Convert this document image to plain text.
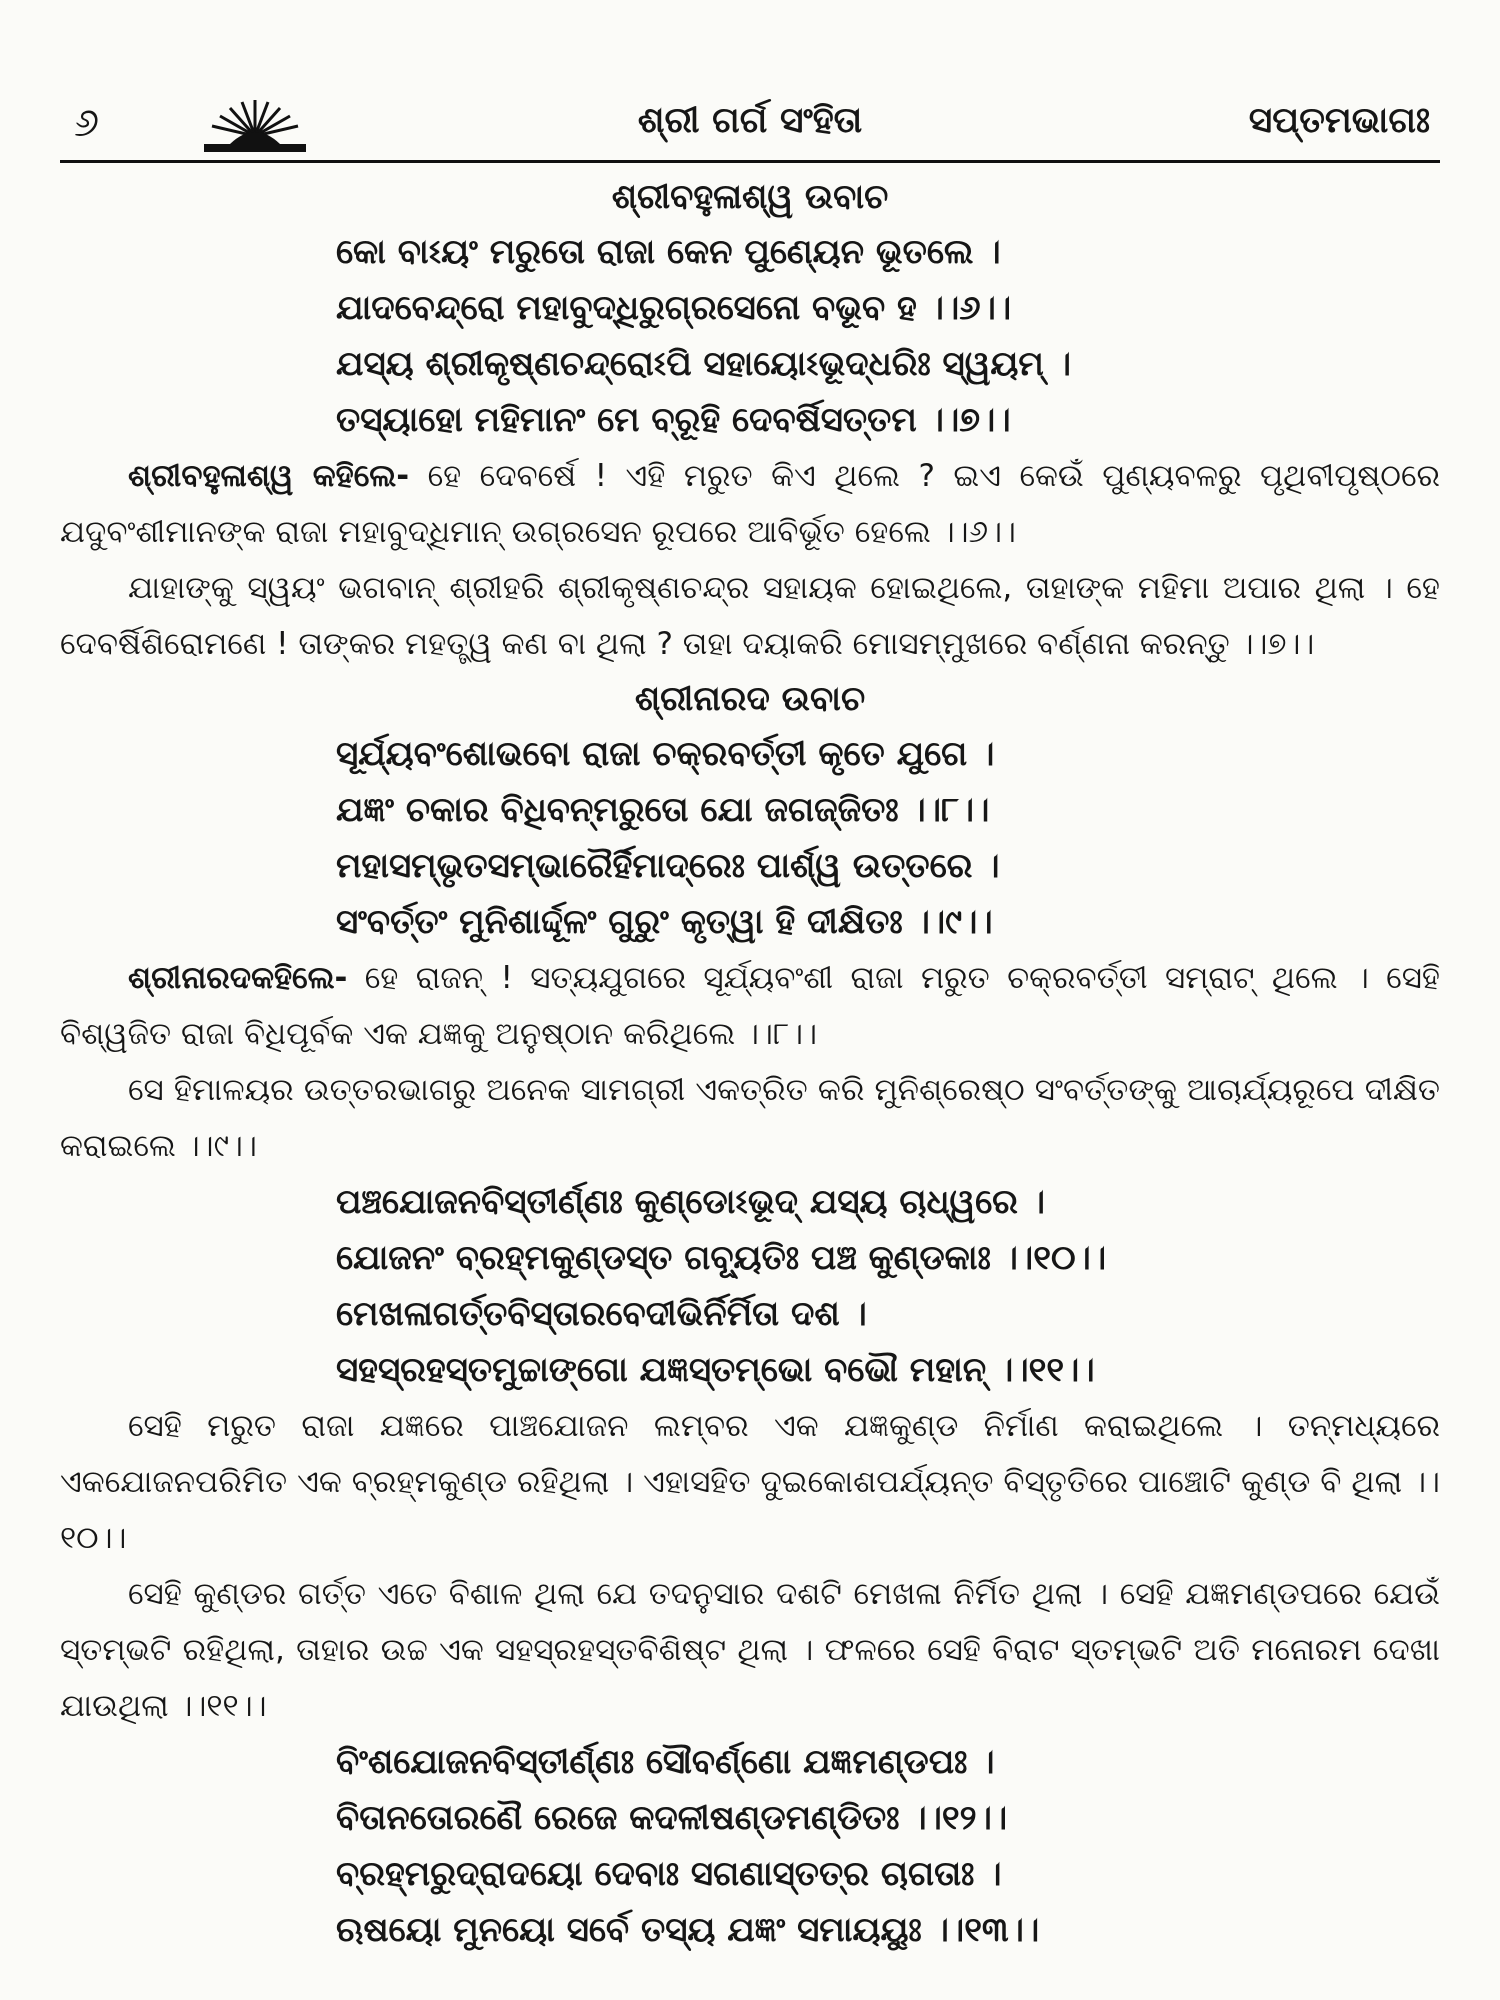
୬	ଶ୍ରୀ ଗର୍ଗ ସଂହିତା	ସପ୍ତମଭାଗଃ
ଶ୍ରୀବହୁଳାଶ୍ୱ ଉବାଚ
କୋ ବାଽୟଂ ମରୁତୋ ରାଜା କେନ ପୁଣ୍ୟେନ ଭୂତଲେ ।
ଯାଦବେନ୍ଦ୍ରୋ ମହାବୁଦ୍ଧିରୁଗ୍ରସେନୋ ବଭୂବ ହ ।।୬।।
ଯସ୍ୟ ଶ୍ରୀକୃଷ୍ଣଚନ୍ଦ୍ରୋଽପି ସହାୟୋଽଭୂଦ୍ଧରିଃ ସ୍ୱୟମ୍ ।
ତସ୍ୟାହୋ ମହିମାନଂ ମେ ବ୍ରୂହି ଦେବର୍ଷିସତ୍ତମ ।।୭।।

ଶ୍ରୀବହୁଳାଶ୍ୱ କହିଲେ- ହେ ଦେବର୍ଷେ ! ଏହି ମରୁତ କିଏ ଥିଲେ ? ଇଏ କେଉଁ ପୁଣ୍ୟବଳରୁ ପୃଥିବୀପୃଷ୍ଠରେ ଯଦୁବଂଶୀମାନଙ୍କ ରାଜା ମହାବୁଦ୍ଧିମାନ୍ ଉଗ୍ରସେନ ରୂପରେ ଆବିର୍ଭୂତ ହେଲେ ।।୬।।

ଯାହାଙ୍କୁ ସ୍ୱୟଂ ଭଗବାନ୍ ଶ୍ରୀହରି ଶ୍ରୀକୃଷ୍ଣଚନ୍ଦ୍ର ସହାୟକ ହୋଇଥିଲେ, ତାହାଙ୍କ ମହିମା ଅପାର ଥିଲା । ହେ ଦେବର୍ଷିଶିରୋମଣେ ! ତାଙ୍କର ମହତ୍ତ୍ୱ କଣ ବା ଥିଲା ? ତାହା ଦୟାକରି ମୋସମ୍ମୁଖରେ ବର୍ଣ୍ଣନା କରନ୍ତୁ ।।୭।।

ଶ୍ରୀନାରଦ ଉବାଚ
ସୂର୍ଯ୍ୟବଂଶୋଭବୋ ରାଜା ଚକ୍ରବର୍ତ୍ତୀ କୃତେ ଯୁଗେ ।
ଯଜ୍ଞଂ ଚକାର ବିଧିବନ୍ମରୁତୋ ଯୋ ଜଗଜ୍ଜିତଃ ।।୮।।
ମହାସମ୍ଭୃତସମ୍ଭାରୈର୍ହିମାଦ୍ରେଃ ପାର୍ଶ୍ୱ ଉତ୍ତରେ ।
ସଂବର୍ତ୍ତଂ ମୁନିଶାର୍ଦ୍ଦୂଳଂ ଗୁରୁଂ କୃତ୍ୱା ହି ଦୀକ୍ଷିତଃ ।।୯।।

ଶ୍ରୀନାରଦକହିଲେ- ହେ ରାଜନ୍ ! ସତ୍ୟଯୁଗରେ ସୂର୍ଯ୍ୟବଂଶୀ ରାଜା ମରୁତ ଚକ୍ରବର୍ତ୍ତୀ ସମ୍ରାଟ୍ ଥିଲେ । ସେହି ବିଶ୍ୱଜିତ ରାଜା ବିଧିପୂର୍ବକ ଏକ ଯଜ୍ଞକୁ ଅନୁଷ୍ଠାନ କରିଥିଲେ ।।୮।।

ସେ ହିମାଳୟର ଉତ୍ତରଭାଗରୁ ଅନେକ ସାମଗ୍ରୀ ଏକତ୍ରିତ କରି ମୁନିଶ୍ରେଷ୍ଠ ସଂବର୍ତ୍ତଙ୍କୁ ଆଚାର୍ଯ୍ୟରୂପେ ଦୀକ୍ଷିତ କରାଇଲେ ।।୯।।

ପଞ୍ଚଯୋଜନବିସ୍ତୀର୍ଣ୍ଣଃ କୁଣ୍ଡୋଽଭୂଦ୍ ଯସ୍ୟ ଚାଧ୍ୱରେ ।
ଯୋଜନଂ ବ୍ରହ୍ମକୁଣ୍ଡସ୍ତ ଗବ୍ୟୂତିଃ ପଞ୍ଚ କୁଣ୍ଡକାଃ ।।୧୦।।
ମେଖଳାଗର୍ତ୍ତବିସ୍ତାରବେଦୀଭିର୍ନିର୍ମିତା ଦଶ ।
ସହସ୍ରହସ୍ତମୁଚ୍ଚାଙ୍ଗୋ ଯଜ୍ଞସ୍ତମ୍ଭୋ ବଭୌ ମହାନ୍ ।।୧୧।।

ସେହି ମରୁତ ରାଜା ଯଜ୍ଞରେ ପାଞ୍ଚଯୋଜନ ଲମ୍ବର ଏକ ଯଜ୍ଞକୁଣ୍ଡ ନିର୍ମାଣ କରାଇଥିଲେ । ତନ୍ମଧ୍ୟରେ ଏକଯୋଜନପରିମିତ ଏକ ବ୍ରହ୍ମକୁଣ୍ଡ ରହିଥିଲା । ଏହାସହିତ ଦୁଇକୋଶପର୍ଯ୍ୟନ୍ତ ବିସ୍ତୃତିରେ ପାଞ୍ଚୋଟି କୁଣ୍ଡ ବି ଥିଲା ।।୧୦।।

ସେହି କୁଣ୍ଡର ଗର୍ତ୍ତ ଏତେ ବିଶାଳ ଥିଲା ଯେ ତଦନୁସାର ଦଶଟି ମେଖଳା ନିର୍ମିତ ଥିଲା । ସେହି ଯଜ୍ଞମଣ୍ଡପରେ ଯେଉଁ ସ୍ତମ୍ଭଟି ରହିଥିଲା, ତାହାର ଉଚ୍ଚ ଏକ ସହସ୍ରହସ୍ତବିଶିଷ୍ଟ ଥିଲା । ଫଳରେ ସେହି ବିରାଟ ସ୍ତମ୍ଭଟି ଅତି ମନୋରମ ଦେଖା ଯାଉଥିଲା ।।୧୧।।

ବିଂଶଯୋଜନବିସ୍ତୀର୍ଣ୍ଣଃ ସୌବର୍ଣ୍ଣୋ ଯଜ୍ଞମଣ୍ଡପଃ ।
ବିତାନତୋରଣୈ ରେଜେ କଦଳୀଷଣ୍ଡମଣ୍ଡିତଃ ।।୧୨।।
ବ୍ରହ୍ମରୁଦ୍ରାଦୟୋ ଦେବାଃ ସଗଣାସ୍ତତ୍ର ଚାଗତାଃ ।
ଋଷୟୋ ମୁନୟୋ ସର୍ବେ ତସ୍ୟ ଯଜ୍ଞଂ ସମାୟୟୁଃ ।।୧୩।।
